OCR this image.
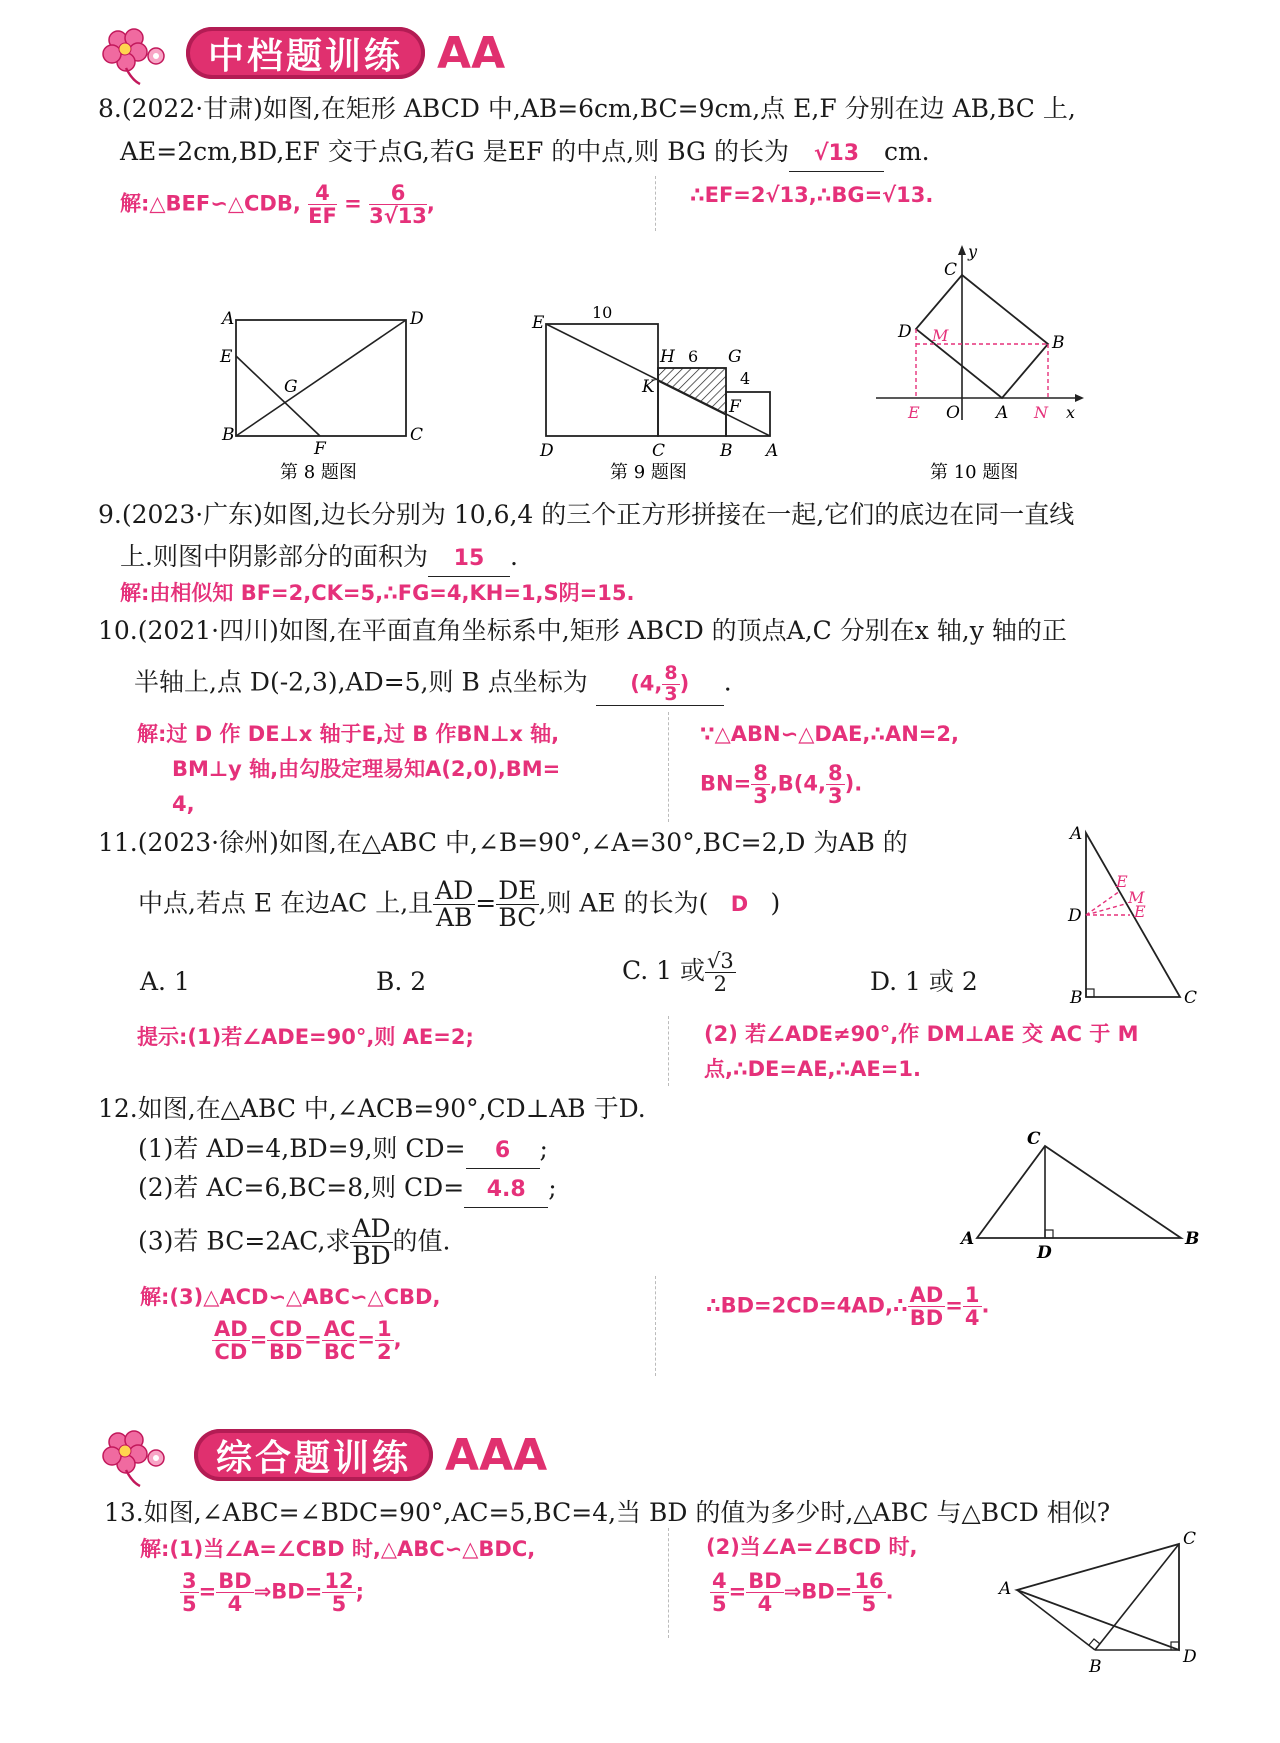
中档题训练 AA
8.(2022·甘肃)如图,在矩形 ABCD 中,AB=6cm,BC=9cm,点 E,F 分别在边 AB,BC 上,
AE=2cm,BD,EF 交于点G,若G 是EF 的中点,则 BG 的长为 √13 cm.
解:△BEF∽△CDB, $\frac{4}{EF} = \frac{6}{3√13}$ ,	∴EF=2√13,∴BG=√13.
A	D
E
G
B
F
C
第 8 题图
E
10
H 6 G
4
K
F
D	C	B A
第 9 题图
C
y
D M	B
E O A N x
第 10 题图
9.(2023·广东)如图,边长分别为 10,6,4 的三个正方形拼接在一起,它们的底边在同一直线
上.则图中阴影部分的面积为 15 .
解:由相似知 BF=2,CK=5,∴FG=4,KH=1,S阴=15.
10.(2021·四川)如图,在平面直角坐标系中,矩形 ABCD 的顶点A,C 分别在x 轴,y 轴的正
半轴上,点 D(-2,3),AD=5,则 B 点坐标为 (4, $\frac{8}{3}$ ) .
解:过 D 作 DE⊥x 轴于E,过 B 作BN⊥x 轴,
BM⊥y 轴,由勾股定理易知A(2,0),BM=
4,
∵△ABN∽△DAE,∴AN=2,
$BN= \frac{8}{3} ,B(4$, $\frac{8}{3}$ ).
11.(2023·徐州)如图,在△ABC 中,∠B=90°,∠A=30°,BC=2,D 为AB 的
中点,若点 E 在边AC 上,且 $\frac{AD}{AB} = \frac{DE}{BC}$ ,则 AE 的长为( D )
A. 1	B. 2	C. 1 或 $\frac{√3}{2}$	D. 1 或 2
提示:(1)若∠ADE=90°,则 AE=2;	(2) 若∠ADE≠90°,作 DM⊥AE 交 AC 于 M
点,∴DE=AE,∴AE=1.
A
E
M
E
D
B	C
12.如图,在△ABC 中,∠ACB=90°,CD⊥AB 于D.
(1)若 AD=4,BD=9,则 CD= 6 ;
(2)若 AC=6,BC=8,则 CD= 4.8 ;
(3)若 BC=2AC,求 $\frac{AD}{BD}$ 的值.
解:(3)△ACD∽△ABC∽△CBD,
$\frac{AD}{CD} = \frac{CD}{BD} = \frac{AC}{BC} = \frac{1}{2}$ ,
∴BD=2CD=4AD,∴ $\frac{AD}{BD} = \frac{1}{4}$ .
C
A
D
B
综合题训练 AAA
13.如图,∠ABC=∠BDC=90°,AC=5,BC=4,当 BD 的值为多少时,△ABC 与△BCD 相似?
解:(1)当∠A=∠CBD 时,△ABC∽△BDC,
$\frac{3}{5} = \frac{BD}{4}$ ⇒BD= $\frac{12}{5}$ ;
(2)当∠A=∠BCD 时,
$\frac{4}{5} = \frac{BD}{4}$ ⇒BD= $\frac{16}{5}$ .
C
A
B	D
